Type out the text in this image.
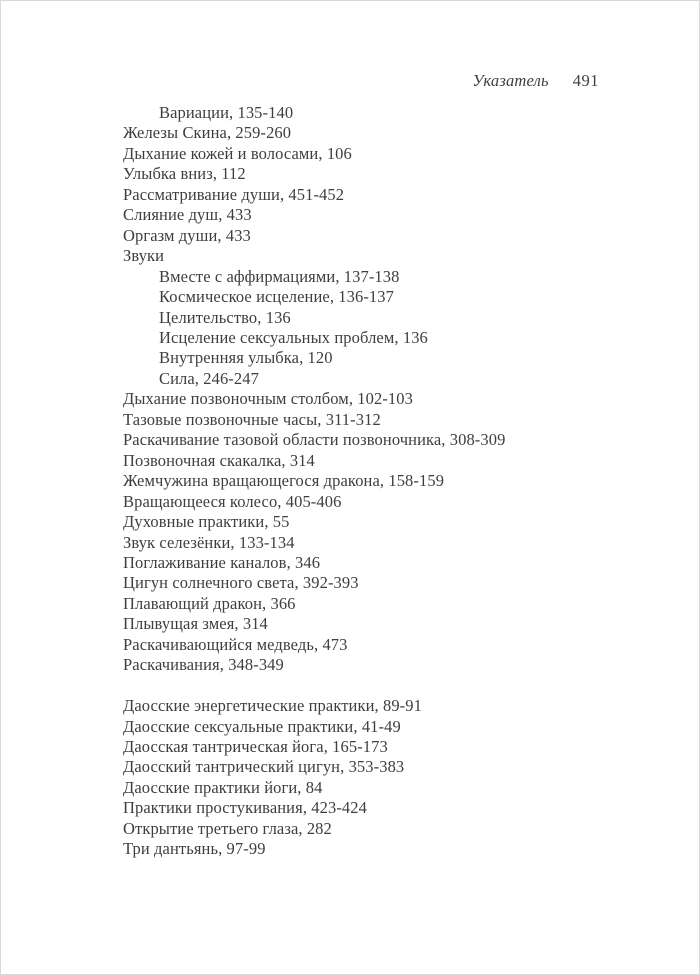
Указатель 491
Вариации, 135-140
Железы Скина, 259-260
Дыхание кожей и волосами, 106
Улыбка вниз, 112
Рассматривание души, 451-452
Слияние душ, 433
Оргазм души, 433
Звуки
Вместе с аффирмациями, 137-138
Космическое исцеление, 136-137
Целительство, 136
Исцеление сексуальных проблем, 136
Внутренняя улыбка, 120
Сила, 246-247
Дыхание позвоночным столбом, 102-103
Тазовые позвоночные часы, 311-312
Раскачивание тазовой области позвоночника, 308-309
Позвоночная скакалка, 314
Жемчужина вращающегося дракона, 158-159
Вращающееся колесо, 405-406
Духовные практики, 55
Звук селезёнки, 133-134
Поглаживание каналов, 346
Цигун солнечного света, 392-393
Плавающий дракон, 366
Плывущая змея, 314
Раскачивающийся медведь, 473
Раскачивания, 348-349
Даосские энергетические практики, 89-91
Даосские сексуальные практики, 41-49
Даосская тантрическая йога, 165-173
Даосский тантрический цигун, 353-383
Даосские практики йоги, 84
Практики простукивания, 423-424
Открытие третьего глаза, 282
Три дантьянь, 97-99
